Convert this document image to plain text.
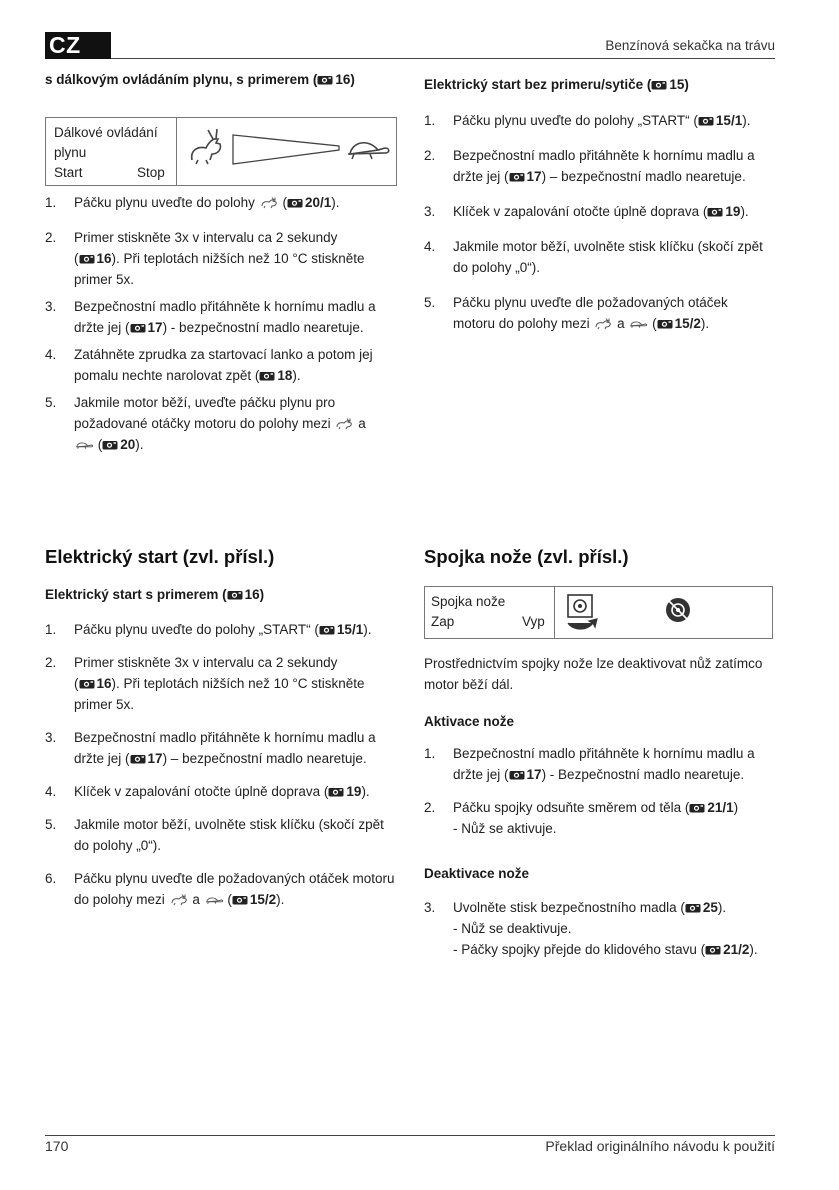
CZ	Benzínová sekačka na trávu
s dálkovým ovládáním plynu, s primerem ( 16)
Dálkové ovládání
plynu
Start	Stop
1. Páčku plynu uveďte do polohy  ( 20/1).
2. Primer stiskněte 3x v intervalu ca 2 sekundy
( 16). Při teplotách nižších než 10 °C stiskněte primer 5x.
3. Bezpečnostní madlo přitáhněte k hornímu madlu a držte jej ( 17) - bezpečnostní madlo nearetuje.
4. Zatáhněte zprudka za startovací lanko a potom jej pomalu nechte narolovat zpět ( 18).
5. Jakmile motor běží, uveďte páčku plynu pro požadované otáčky motoru do polohy mezi a
( 20).
Elektrický start bez primeru/sytiče ( 15)
1. Páčku plynu uveďte do polohy „START“ ( 15/1).
2. Bezpečnostní madlo přitáhněte k hornímu madlu a držte jej ( 17) – bezpečnostní madlo nearetuje.
3. Klíček v zapalování otočte úplně doprava ( 19).
4. Jakmile motor běží, uvolněte stisk klíčku (skočí zpět do polohy „0“).
5. Páčku plynu uveďte dle požadovaných otáček motoru do polohy mezi a  ( 15/2).
Elektrický start (zvl. přísl.)
Elektrický start s primerem ( 16)
1. Páčku plynu uveďte do polohy „START“ ( 15/1).
2. Primer stiskněte 3x v intervalu ca 2 sekundy
( 16). Při teplotách nižších než 10 °C stiskněte primer 5x.
3. Bezpečnostní madlo přitáhněte k hornímu madlu a držte jej ( 17) – bezpečnostní madlo nearetuje.
4. Klíček v zapalování otočte úplně doprava ( 19).
5. Jakmile motor běží, uvolněte stisk klíčku (skočí zpět do polohy „0“).
6. Páčku plynu uveďte dle požadovaných otáček motoru do polohy mezi a  ( 15/2).
Spojka nože (zvl. přísl.)
Spojka nože
Zap	Vyp
Prostřednictvím spojky nože lze deaktivovat nůž zatímco motor běží dál.
Aktivace nože
1. Bezpečnostní madlo přitáhněte k hornímu madlu a držte jej ( 17) - Bezpečnostní madlo nearetuje.
2. Páčku spojky odsuňte směrem od těla ( 21/1)
- Nůž se aktivuje.
Deaktivace nože
3. Uvolněte stisk bezpečnostního madla ( 25).
- Nůž se deaktivuje.
- Páčky spojky přejde do klidového stavu ( 21/2).
170	Překlad originálního návodu k použití
